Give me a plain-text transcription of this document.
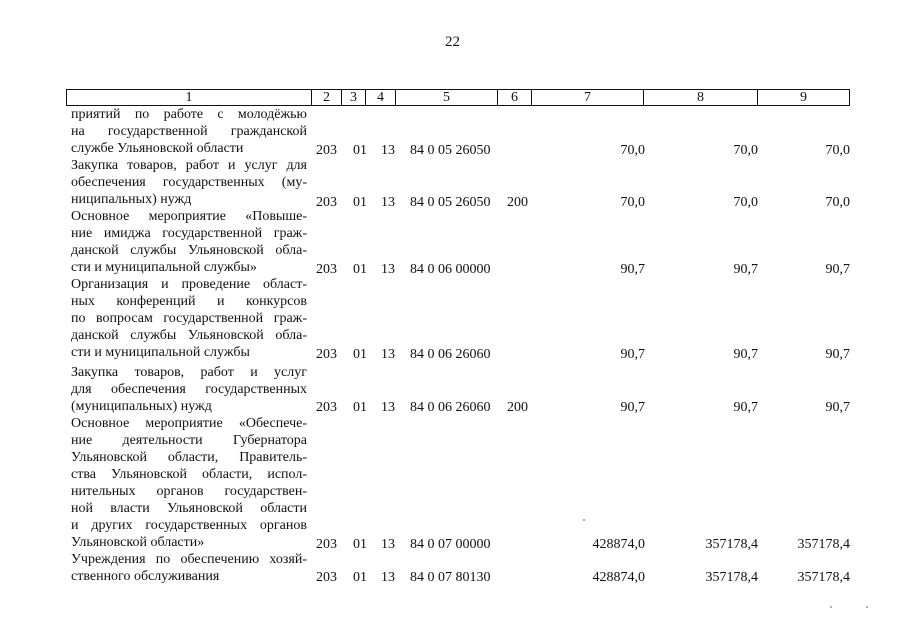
22
1	2	3	4	5	6	7	8	9
приятий по работе с молодёжью
на государственной гражданской
службе Ульяновской области	203 01 13 84 0 05 26050	70,0	70,0	70,0
Закупка товаров, работ и услуг для
обеспечения государственных (му-
ниципальных) нужд	203 01 13 84 0 05 26050 200	70,0	70,0	70,0
Основное мероприятие «Повыше-
ние имиджа государственной граж-
данской службы Ульяновской обла-
сти и муниципальной службы»	203 01 13 84 0 06 00000	90,7	90,7	90,7
Организация и проведение област-
ных конференций и конкурсов
по вопросам государственной граж-
данской службы Ульяновской обла-
сти и муниципальной службы	203 01 13 84 0 06 26060	90,7	90,7	90,7
Закупка товаров, работ и услуг
для обеспечения государственных
(муниципальных) нужд	203 01 13 84 0 06 26060 200	90,7	90,7	90,7
Основное мероприятие «Обеспече-
ние деятельности Губернатора
Ульяновской области, Правитель-
ства Ульяновской области, испол-
нительных органов государствен-
ной власти Ульяновской области
и других государственных органов
Ульяновской области»	203 01 13 84 0 07 00000	428874,0	357178,4	357178,4
Учреждения по обеспечению хозяй-
ственного обслуживания	203 01 13 84 0 07 80130	428874,0	357178,4	357178,4
